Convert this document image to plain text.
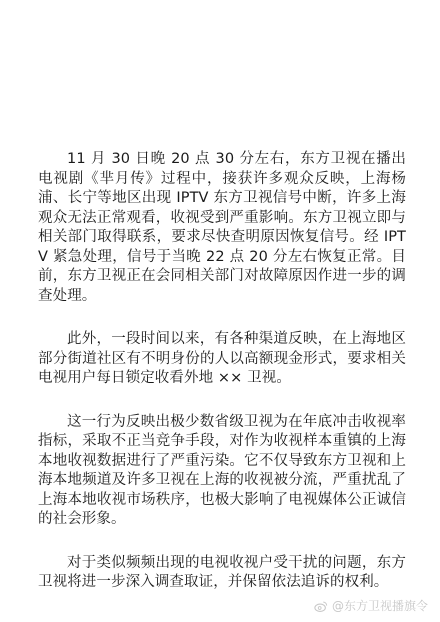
11 月 30 日晚 20 点 30 分左右，东方卫视在播出电视剧《芈月传》过程中，接获许多观众反映，上海杨浦、长宁等地区出现 IPTV 东方卫视信号中断，许多上海观众无法正常观看，收视受到严重影响。东方卫视立即与相关部门取得联系，要求尽快查明原因恢复信号。经 IPTV 紧急处理，信号于当晚 22 点 20 分左右恢复正常。目前，东方卫视正在会同相关部门对故障原因作进一步的调查处理。

此外，一段时间以来，有各种渠道反映，在上海地区部分街道社区有不明身份的人以高额现金形式，要求相关电视用户每日锁定收看外地 ×× 卫视。

这一行为反映出极少数省级卫视为在年底冲击收视率指标，采取不正当竞争手段，对作为收视样本重镇的上海本地收视数据进行了严重污染。它不仅导致东方卫视和上海本地频道及许多卫视在上海的收视被分流，严重扰乱了上海本地收视市场秩序，也极大影响了电视媒体公正诚信的社会形象。

对于类似频频出现的电视收视户受干扰的问题，东方卫视将进一步深入调查取证，并保留依法追诉的权利。

@东方卫视播旗令
